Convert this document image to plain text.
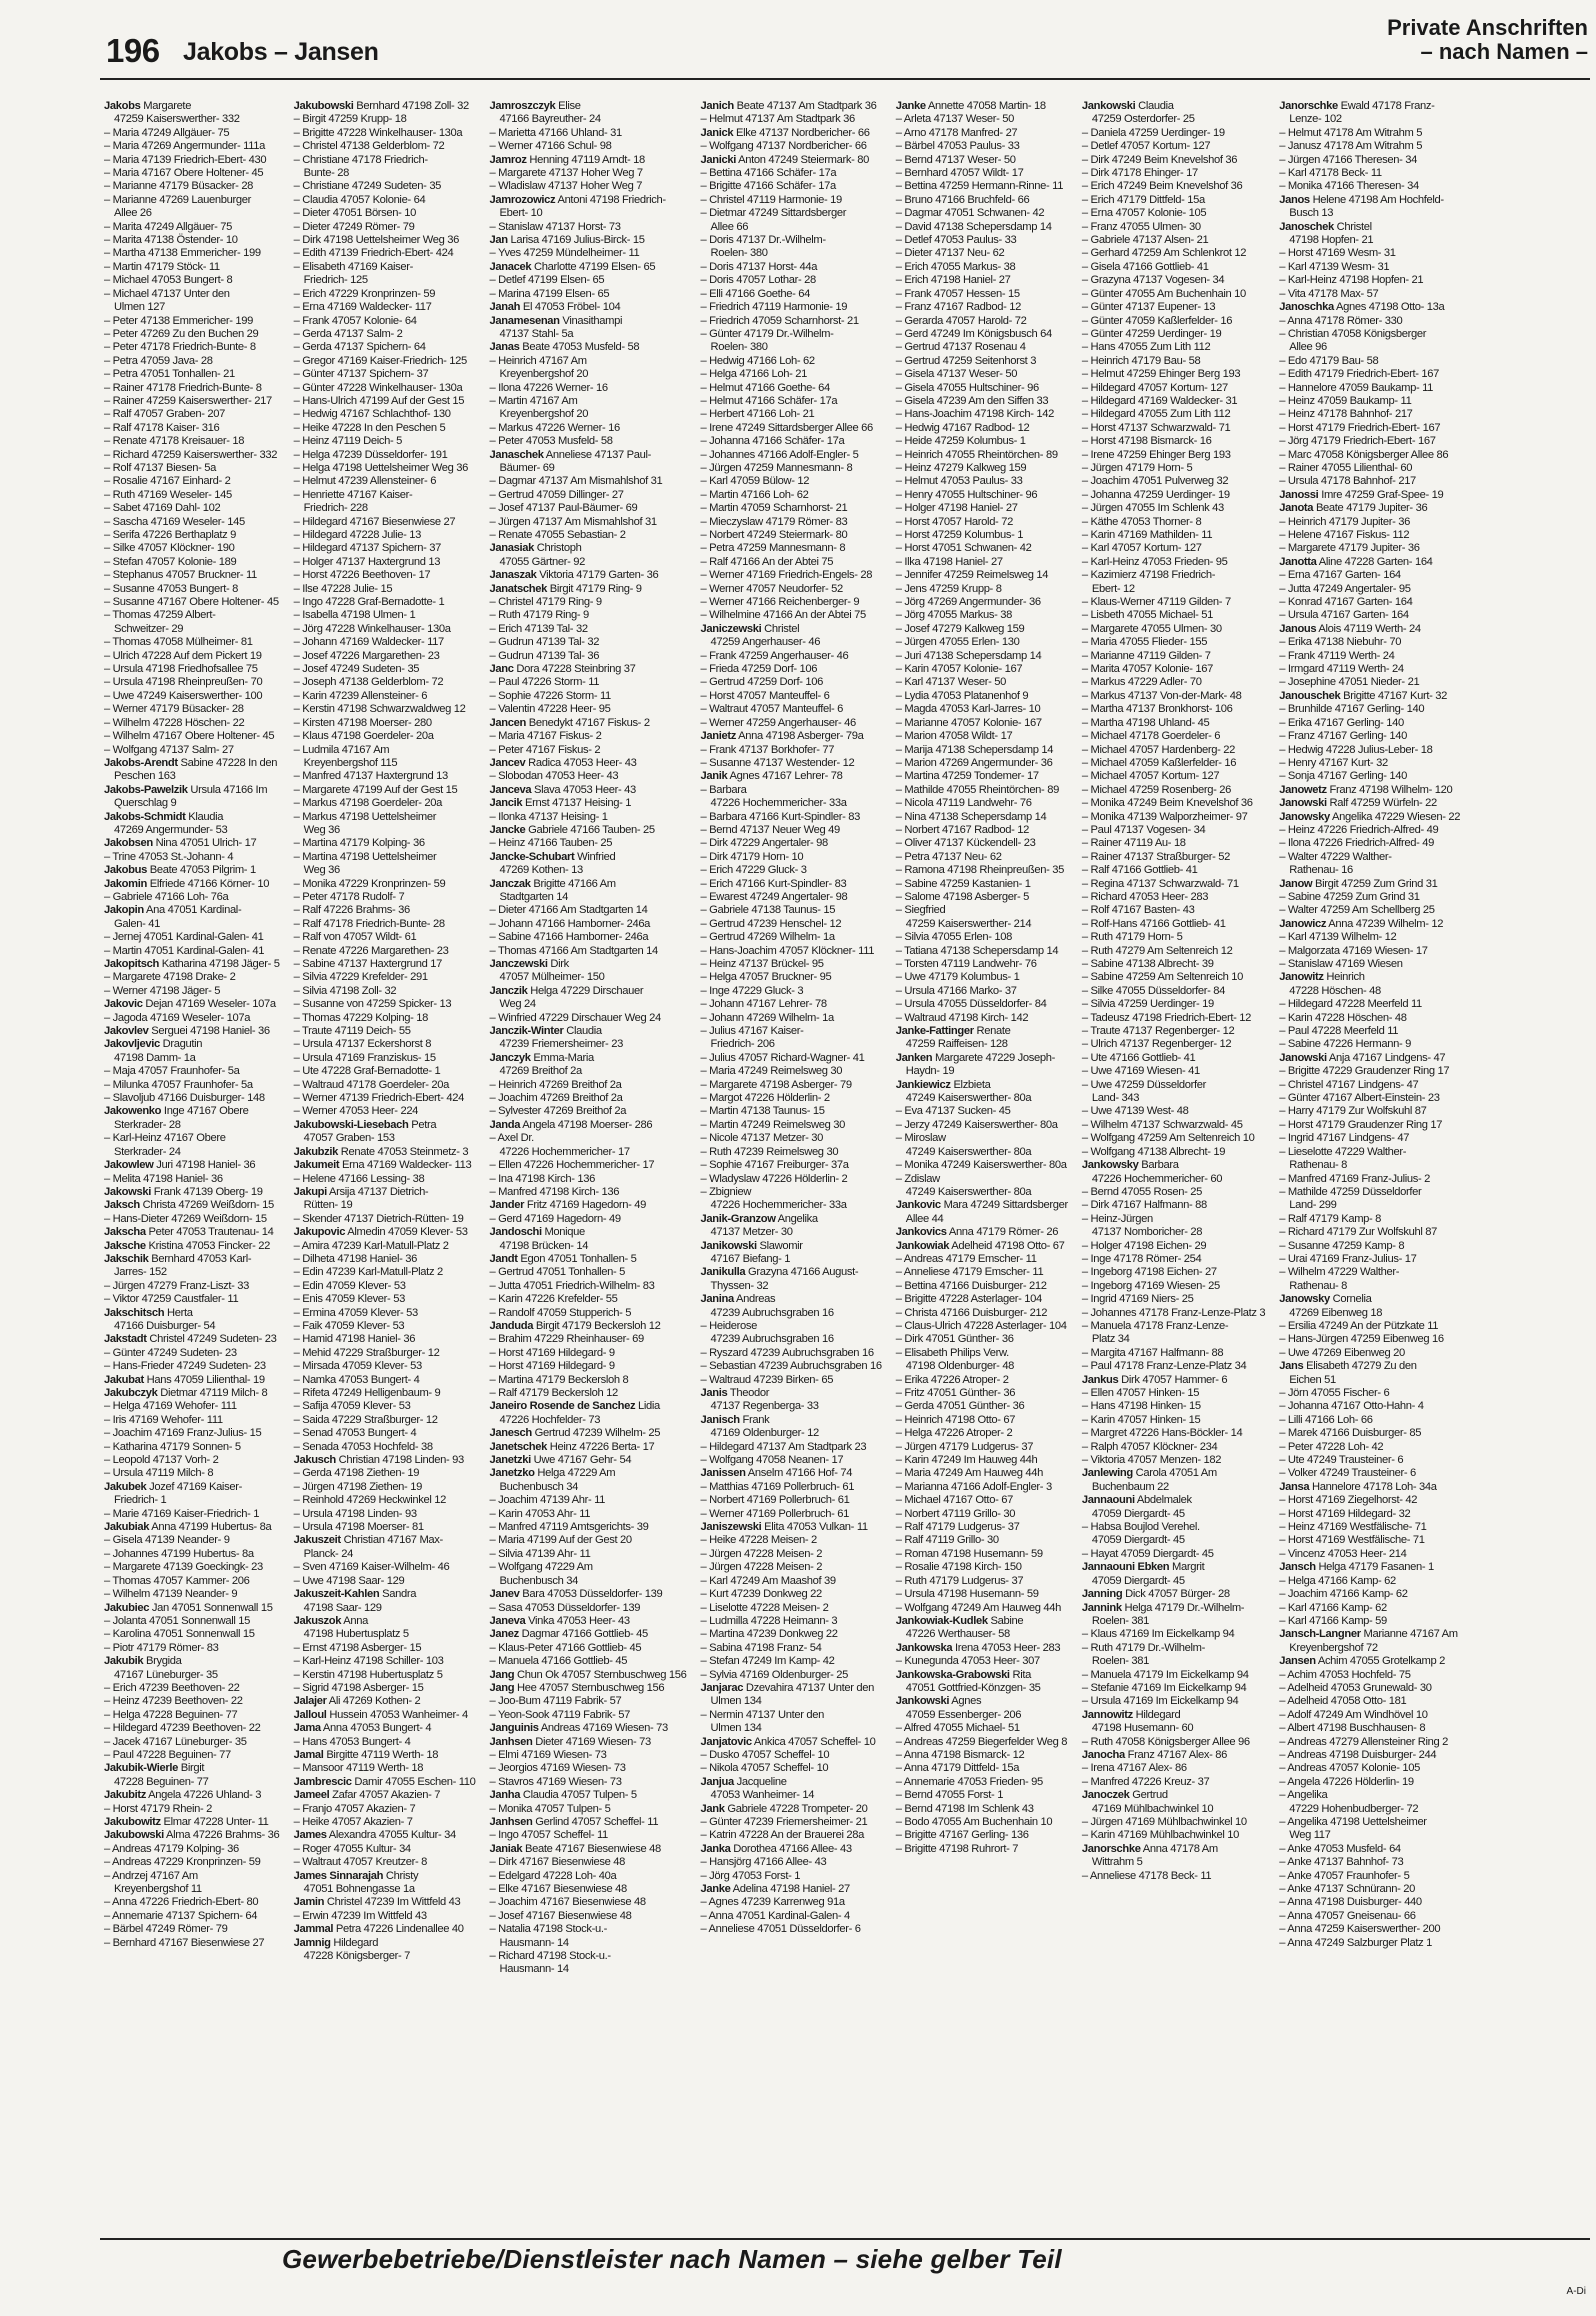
196 Jakobs – Jansen
Private Anschriften
– nach Namen –
Jakobs Margarete
47259 Kaiserswerther- 332
– Maria 47249 Allgäuer- 75
– Maria 47269 Angermunder- 111a
– Maria 47139 Friedrich-Ebert- 430
– Maria 47167 Obere Holtener- 45
– Marianne 47179 Büsacker- 28
– Marianne 47269 Lauenburger
Allee 26
– Marita 47249 Allgäuer- 75
– Marita 47138 Östender- 10
– Martha 47138 Emmericher- 199
– Martin 47179 Stöck- 11
– Michael 47053 Bungert- 8
– Michael 47137 Unter den
Ulmen 127
– Peter 47138 Emmericher- 199
– Peter 47269 Zu den Buchen 29
– Peter 47178 Friedrich-Bunte- 8
– Petra 47059 Java- 28
– Petra 47051 Tonhallen- 21
– Rainer 47178 Friedrich-Bunte- 8
– Rainer 47259 Kaiserswerther- 217
– Ralf 47057 Graben- 207
– Ralf 47178 Kaiser- 316
– Renate 47178 Kreisauer- 18
– Richard 47259 Kaiserswerther- 332
– Rolf 47137 Biesen- 5a
– Rosalie 47167 Einhard- 2
– Ruth 47169 Weseler- 145
– Sabet 47169 Dahl- 102
– Sascha 47169 Weseler- 145
– Serifa 47226 Berthaplatz 9
– Silke 47057 Klöckner- 190
– Stefan 47057 Kolonie- 189
– Stephanus 47057 Bruckner- 11
– Susanne 47053 Bungert- 8
– Susanne 47167 Obere Holtener- 45
– Thomas 47259 Albert-
Schweitzer- 29
– Thomas 47058 Mülheimer- 81
– Ulrich 47228 Auf dem Pickert 19
– Ursula 47198 Friedhofsallee 75
– Ursula 47198 Rheinpreußen- 70
– Uwe 47249 Kaiserswerther- 100
– Werner 47179 Büsacker- 28
– Wilhelm 47228 Höschen- 22
– Wilhelm 47167 Obere Holtener- 45
– Wolfgang 47137 Salm- 27
Jakobs-Arendt Sabine 47228 In den
Peschen 163
Jakobs-Pawelzik Ursula 47166 Im
Querschlag 9
Jakobs-Schmidt Klaudia
47269 Angermunder- 53
Jakobsen Nina 47051 Ulrich- 17
– Trine 47053 St.-Johann- 4
Jakobus Beate 47053 Pilgrim- 1
Jakomin Elfriede 47166 Körner- 10
– Gabriele 47166 Loh- 76a
Jakopin Ana 47051 Kardinal-
Galen- 41
– Jernej 47051 Kardinal-Galen- 41
– Martin 47051 Kardinal-Galen- 41
Jakopitsch Katharina 47198 Jäger- 5
– Margarete 47198 Drake- 2
– Werner 47198 Jäger- 5
Jakovic Dejan 47169 Weseler- 107a
– Jagoda 47169 Weseler- 107a
Jakovlev Serguei 47198 Haniel- 36
Jakovljevic Dragutin
47198 Damm- 1a
– Maja 47057 Fraunhofer- 5a
– Milunka 47057 Fraunhofer- 5a
– Slavoljub 47166 Duisburger- 148
Jakowenko Inge 47167 Obere
Sterkrader- 28
– Karl-Heinz 47167 Obere
Sterkrader- 24
Jakowlew Juri 47198 Haniel- 36
– Melita 47198 Haniel- 36
Jakowski Frank 47139 Oberg- 19
Jaksch Christa 47269 Weißdorn- 15
– Hans-Dieter 47269 Weißdorn- 15
Jakscha Peter 47053 Trautenau- 14
Jaksche Kristina 47053 Fincker- 22
Jakschik Bernhard 47053 Karl-
Jarres- 152
– Jürgen 47279 Franz-Liszt- 33
– Viktor 47259 Caustfaler- 11
Jakschitsch Herta
47166 Duisburger- 54
Jakstadt Christel 47249 Sudeten- 23
– Günter 47249 Sudeten- 23
– Hans-Frieder 47249 Sudeten- 23
Jakubat Hans 47059 Lilienthal- 19
Jakubczyk Dietmar 47119 Milch- 8
– Helga 47169 Wehofer- 111
– Iris 47169 Wehofer- 111
– Joachim 47169 Franz-Julius- 15
– Katharina 47179 Sonnen- 5
– Leopold 47137 Vorh- 2
– Ursula 47119 Milch- 8
Jakubek Jozef 47169 Kaiser-
Friedrich- 1
– Marie 47169 Kaiser-Friedrich- 1
Jakubiak Anna 47199 Hubertus- 8a
– Gisela 47139 Neander- 9
– Johannes 47199 Hubertus- 8a
– Margarete 47139 Goeckingk- 23
– Thomas 47057 Kammer- 206
– Wilhelm 47139 Neander- 9
Jakubiec Jan 47051 Sonnenwall 15
– Jolanta 47051 Sonnenwall 15
– Karolina 47051 Sonnenwall 15
– Piotr 47179 Römer- 83
Jakubik Brygida
47167 Lüneburger- 35
– Erich 47239 Beethoven- 22
– Heinz 47239 Beethoven- 22
– Helga 47228 Beguinen- 77
– Hildegard 47239 Beethoven- 22
– Jacek 47167 Lüneburger- 35
– Paul 47228 Beguinen- 77
Jakubik-Wierle Birgit
47228 Beguinen- 77
Jakubitz Angela 47226 Uhland- 3
– Horst 47179 Rhein- 2
Jakubowitz Elmar 47228 Unter- 11
Jakubowski Alma 47226 Brahms- 36
– Andreas 47179 Kolping- 36
– Andreas 47229 Kronprinzen- 59
– Andrzej 47167 Am
Kreyenbergshof 11
– Anna 47226 Friedrich-Ebert- 80
– Annemarie 47137 Spichern- 64
– Bärbel 47249 Römer- 79
– Bernhard 47167 Biesenwiese 27
Jakubowski Bernhard 47198 Zoll- 32
– Birgit 47259 Krupp- 18
– Brigitte 47228 Winkelhauser- 130a
– Christel 47138 Gelderblom- 72
– Christiane 47178 Friedrich-
Bunte- 28
– Christiane 47249 Sudeten- 35
– Claudia 47057 Kolonie- 64
– Dieter 47051 Börsen- 10
– Dieter 47249 Römer- 79
– Dirk 47198 Uettelsheimer Weg 36
– Edith 47139 Friedrich-Ebert- 424
– Elisabeth 47169 Kaiser-
Friedrich- 125
– Erich 47229 Kronprinzen- 59
– Erna 47169 Waldecker- 117
– Frank 47057 Kolonie- 64
– Gerda 47137 Salm- 2
– Gerda 47137 Spichern- 64
– Gregor 47169 Kaiser-Friedrich- 125
– Günter 47137 Spichern- 37
– Günter 47228 Winkelhauser- 130a
– Hans-Ulrich 47199 Auf der Gest 15
– Hedwig 47167 Schlachthof- 130
– Heike 47228 In den Peschen 5
– Heinz 47119 Deich- 5
– Helga 47239 Düsseldorfer- 191
– Helga 47198 Uettelsheimer Weg 36
– Helmut 47239 Allensteiner- 6
– Henriette 47167 Kaiser-
Friedrich- 228
– Hildegard 47167 Biesenwiese 27
– Hildegard 47228 Julie- 13
– Hildegard 47137 Spichern- 37
– Holger 47137 Haxtergrund 13
– Horst 47226 Beethoven- 17
– Ilse 47228 Julie- 15
– Ingo 47228 Graf-Bernadotte- 1
– Isabella 47198 Ulmen- 1
– Jörg 47228 Winkelhauser- 130a
– Johann 47169 Waldecker- 117
– Josef 47226 Margarethen- 23
– Josef 47249 Sudeten- 35
– Joseph 47138 Gelderblom- 72
– Karin 47239 Allensteiner- 6
– Kerstin 47198 Schwarzwaldweg 12
– Kirsten 47198 Moerser- 280
– Klaus 47198 Goerdeler- 20a
– Ludmila 47167 Am
Kreyenbergshof 115
– Manfred 47137 Haxtergrund 13
– Margarete 47199 Auf der Gest 15
– Markus 47198 Goerdeler- 20a
– Markus 47198 Uettelsheimer
Weg 36
– Martina 47179 Kolping- 36
– Martina 47198 Uettelsheimer
Weg 36
– Monika 47229 Kronprinzen- 59
– Peter 47178 Rudolf- 7
– Ralf 47226 Brahms- 36
– Ralf 47178 Friedrich-Bunte- 28
– Ralf von 47057 Wildt- 61
– Renate 47226 Margarethen- 23
– Sabine 47137 Haxtergrund 17
– Silvia 47229 Krefelder- 291
– Silvia 47198 Zoll- 32
– Susanne von 47259 Spicker- 13
– Thomas 47229 Kolping- 18
– Traute 47119 Deich- 55
– Ursula 47137 Eckershorst 8
– Ursula 47169 Franziskus- 15
– Ute 47228 Graf-Bernadotte- 1
– Waltraud 47178 Goerdeler- 20a
– Werner 47139 Friedrich-Ebert- 424
– Werner 47053 Heer- 224
Jakubowski-Liesebach Petra
47057 Graben- 153
Jakubzik Renate 47053 Steinmetz- 3
Jakumeit Erna 47169 Waldecker- 113
– Helene 47166 Lessing- 38
Jakupi Arsija 47137 Dietrich-
Rütten- 19
– Skender 47137 Dietrich-Rütten- 19
Jakupovic Almedin 47059 Klever- 53
– Amira 47239 Karl-Matull-Platz 2
– Dilheta 47198 Haniel- 36
– Edin 47239 Karl-Matull-Platz 2
– Edin 47059 Klever- 53
– Enis 47059 Klever- 53
– Ermina 47059 Klever- 53
– Faik 47059 Klever- 53
– Hamid 47198 Haniel- 36
– Mehid 47229 Straßburger- 12
– Mirsada 47059 Klever- 53
– Namka 47053 Bungert- 4
– Rifeta 47249 Helligenbaum- 9
– Safija 47059 Klever- 53
– Saida 47229 Straßburger- 12
– Senad 47053 Bungert- 4
– Senada 47053 Hochfeld- 38
Jakusch Christian 47198 Linden- 93
– Gerda 47198 Ziethen- 19
– Jürgen 47198 Ziethen- 19
– Reinhold 47269 Heckwinkel 12
– Ursula 47198 Linden- 93
– Ursula 47198 Moerser- 81
Jakuszeit Christian 47167 Max-
Planck- 24
– Sven 47169 Kaiser-Wilhelm- 46
– Uwe 47198 Saar- 129
Jakuszeit-Kahlen Sandra
47198 Saar- 129
Jakuszok Anna
47198 Hubertusplatz 5
– Ernst 47198 Asberger- 15
– Karl-Heinz 47198 Schiller- 103
– Kerstin 47198 Hubertusplatz 5
– Sigrid 47198 Asberger- 15
Jalajer Ali 47269 Kothen- 2
Jalloul Hussein 47053 Wanheimer- 4
Jama Anna 47053 Bungert- 4
– Hans 47053 Bungert- 4
Jamal Birgitte 47119 Werth- 18
– Mansoor 47119 Werth- 18
Jambrescic Damir 47055 Eschen- 110
Jameel Zafar 47057 Akazien- 7
– Franjo 47057 Akazien- 7
– Heike 47057 Akazien- 7
James Alexandra 47055 Kultur- 34
– Roger 47055 Kultur- 34
– Waltraut 47057 Kreutzer- 8
James Sinnarajah Christy
47051 Bohnengasse 1a
Jamin Christel 47239 Im Wittfeld 43
– Erwin 47239 Im Wittfeld 43
Jammal Petra 47226 Lindenallee 40
Jamnig Hildegard
47228 Königsberger- 7
Jamroszczyk Elise
47166 Bayreuther- 24
– Marietta 47166 Uhland- 31
– Werner 47166 Schul- 98
Jamroz Henning 47119 Arndt- 18
– Margarete 47137 Hoher Weg 7
– Wladislaw 47137 Hoher Weg 7
Jamrozowicz Antoni 47198 Friedrich-
Ebert- 10
– Stanislaw 47137 Horst- 73
Jan Larisa 47169 Julius-Birck- 15
– Yves 47259 Mündelheimer- 11
Janacek Charlotte 47199 Elsen- 65
– Detlef 47199 Elsen- 65
– Marina 47199 Elsen- 65
Janah El 47053 Fröbel- 104
Janamesenan Vinasithampi
47137 Stahl- 5a
Janas Beate 47053 Musfeld- 58
– Heinrich 47167 Am
Kreyenbergshof 20
– Ilona 47226 Werner- 16
– Martin 47167 Am
Kreyenbergshof 20
– Markus 47226 Werner- 16
– Peter 47053 Musfeld- 58
Janaschek Anneliese 47137 Paul-
Bäumer- 69
– Dagmar 47137 Am Mismahlshof 31
– Gertrud 47059 Dillinger- 27
– Josef 47137 Paul-Bäumer- 69
– Jürgen 47137 Am Mismahlshof 31
– Renate 47055 Sebastian- 2
Janasiak Christoph
47055 Gärtner- 92
Janaszak Viktoria 47179 Garten- 36
Janatschek Birgit 47179 Ring- 9
– Christel 47179 Ring- 9
– Ruth 47179 Ring- 9
– Erich 47139 Tal- 32
– Gudrun 47139 Tal- 32
– Gudrun 47139 Tal- 36
Janc Dora 47228 Steinbring 37
– Paul 47226 Storm- 11
– Sophie 47226 Storm- 11
– Valentin 47228 Heer- 95
Jancen Benedykt 47167 Fiskus- 2
– Maria 47167 Fiskus- 2
– Peter 47167 Fiskus- 2
Jancev Radica 47053 Heer- 43
– Slobodan 47053 Heer- 43
Janceva Slava 47053 Heer- 43
Jancik Ernst 47137 Heising- 1
– Ilonka 47137 Heising- 1
Jancke Gabriele 47166 Tauben- 25
– Heinz 47166 Tauben- 25
Jancke-Schubart Winfried
47269 Kothen- 13
Janczak Brigitte 47166 Am
Stadtgarten 14
– Dieter 47166 Am Stadtgarten 14
– Johann 47166 Hamborner- 246a
– Sabine 47166 Hamborner- 246a
– Thomas 47166 Am Stadtgarten 14
Janczewski Dirk
47057 Mülheimer- 150
Janczik Helga 47229 Dirschauer
Weg 24
– Winfried 47229 Dirschauer Weg 24
Janczik-Winter Claudia
47239 Friemersheimer- 23
Janczyk Emma-Maria
47269 Breithof 2a
– Heinrich 47269 Breithof 2a
– Joachim 47269 Breithof 2a
– Sylvester 47269 Breithof 2a
Janda Angela 47198 Moerser- 286
– Axel Dr.
47226 Hochemmericher- 17
– Ellen 47226 Hochemmericher- 17
– Ina 47198 Kirch- 136
– Manfred 47198 Kirch- 136
Jander Fritz 47169 Hagedorn- 49
– Gerd 47169 Hagedorn- 49
Jandoschi Monique
47198 Brücken- 14
Jandt Egon 47051 Tonhallen- 5
– Gertrud 47051 Tonhallen- 5
– Jutta 47051 Friedrich-Wilhelm- 83
– Karin 47226 Krefelder- 55
– Randolf 47059 Stupperich- 5
Janduda Birgit 47179 Beckersloh 12
– Brahim 47229 Rheinhauser- 69
– Horst 47169 Hildegard- 9
– Horst 47169 Hildegard- 9
– Martina 47179 Beckersloh 8
– Ralf 47179 Beckersloh 12
Janeiro Rosende de Sanchez Lidia
47226 Hochfelder- 73
Janesch Gertrud 47239 Wilhelm- 25
Janetschek Heinz 47226 Berta- 17
Janetzki Uwe 47167 Gehr- 54
Janetzko Helga 47229 Am
Buchenbusch 34
– Joachim 47139 Ahr- 11
– Karin 47053 Ahr- 11
– Manfred 47119 Amtsgerichts- 39
– Maria 47199 Auf der Gest 20
– Silvia 47139 Ahr- 11
– Wolfgang 47229 Am
Buchenbusch 34
Janev Bara 47053 Düsseldorfer- 139
– Sasa 47053 Düsseldorfer- 139
Janeva Vinka 47053 Heer- 43
Janez Dagmar 47166 Gottlieb- 45
– Klaus-Peter 47166 Gottlieb- 45
– Manuela 47166 Gottlieb- 45
Jang Chun Ok 47057 Sternbuschweg 156
Jang Hee 47057 Sternbuschweg 156
– Joo-Bum 47119 Fabrik- 57
– Yeon-Sook 47119 Fabrik- 57
Janguinis Andreas 47169 Wiesen- 73
Janhsen Dieter 47169 Wiesen- 73
– Elmi 47169 Wiesen- 73
– Jeorgios 47169 Wiesen- 73
– Stavros 47169 Wiesen- 73
Janha Claudia 47057 Tulpen- 5
– Monika 47057 Tulpen- 5
Janhsen Gerlind 47057 Scheffel- 11
– Ingo 47057 Scheffel- 11
Janiak Beate 47167 Biesenwiese 48
– Dirk 47167 Biesenwiese 48
– Edelgard 47228 Loh- 40a
– Elke 47167 Biesenwiese 48
– Joachim 47167 Biesenwiese 48
– Josef 47167 Biesenwiese 48
– Natalia 47198 Stock-u.-
Hausmann- 14
– Richard 47198 Stock-u.-
Hausmann- 14
Janich Beate 47137 Am Stadtpark 36
– Helmut 47137 Am Stadtpark 36
Janick Elke 47137 Nordbericher- 66
– Wolfgang 47137 Nordbericher- 66
Janicki Anton 47249 Steiermark- 80
– Bettina 47166 Schäfer- 17a
– Brigitte 47166 Schäfer- 17a
– Christel 47119 Harmonie- 19
– Dietmar 47249 Sittardsberger
Allee 66
– Doris 47137 Dr.-Wilhelm-
Roelen- 380
– Doris 47137 Horst- 44a
– Doris 47057 Lothar- 28
– Elli 47166 Goethe- 64
– Friedrich 47119 Harmonie- 19
– Friedrich 47059 Scharnhorst- 21
– Günter 47179 Dr.-Wilhelm-
Roelen- 380
– Hedwig 47166 Loh- 62
– Helga 47166 Loh- 21
– Helmut 47166 Goethe- 64
– Helmut 47166 Schäfer- 17a
– Herbert 47166 Loh- 21
– Irene 47249 Sittardsberger Allee 66
– Johanna 47166 Schäfer- 17a
– Johannes 47166 Adolf-Engler- 5
– Jürgen 47259 Mannesmann- 8
– Karl 47059 Bülow- 12
– Martin 47166 Loh- 62
– Martin 47059 Scharnhorst- 21
– Mieczyslaw 47179 Römer- 83
– Norbert 47249 Steiermark- 80
– Petra 47259 Mannesmann- 8
– Ralf 47166 An der Abtei 75
– Werner 47169 Friedrich-Engels- 28
– Werner 47057 Neudorfer- 52
– Werner 47166 Reichenberger- 9
– Wilhelmine 47166 An der Abtei 75
Janiczewski Christel
47259 Angerhauser- 46
– Frank 47259 Angerhauser- 46
– Frieda 47259 Dorf- 106
– Gertrud 47259 Dorf- 106
– Horst 47057 Manteuffel- 6
– Waltraut 47057 Manteuffel- 6
– Werner 47259 Angerhauser- 46
Janietz Anna 47198 Asberger- 79a
– Frank 47137 Borkhofer- 77
– Susanne 47137 Westender- 12
Janik Agnes 47167 Lehrer- 78
– Barbara
47226 Hochemmericher- 33a
– Barbara 47166 Kurt-Spindler- 83
– Bernd 47137 Neuer Weg 49
– Dirk 47229 Angertaler- 98
– Dirk 47179 Horn- 10
– Erich 47229 Gluck- 3
– Erich 47166 Kurt-Spindler- 83
– Ewarest 47249 Angertaler- 98
– Gabriele 47138 Taunus- 15
– Gertrud 47239 Henschel- 12
– Gertrud 47269 Wilhelm- 1a
– Hans-Joachim 47057 Klöckner- 111
– Heinz 47137 Brückel- 95
– Helga 47057 Bruckner- 95
– Inge 47229 Gluck- 3
– Johann 47167 Lehrer- 78
– Johann 47269 Wilhelm- 1a
– Julius 47167 Kaiser-
Friedrich- 206
– Julius 47057 Richard-Wagner- 41
– Maria 47249 Reimelsweg 30
– Margarete 47198 Asberger- 79
– Margot 47226 Hölderlin- 2
– Martin 47138 Taunus- 15
– Martin 47249 Reimelsweg 30
– Nicole 47137 Metzer- 30
– Ruth 47239 Reimelsweg 30
– Sophie 47167 Freiburger- 37a
– Wladyslaw 47226 Hölderlin- 2
– Zbigniew
47226 Hochemmericher- 33a
Janik-Granzow Angelika
47137 Metzer- 30
Janikowski Slawomir
47167 Biefang- 1
Janikulla Grazyna 47166 August-
Thyssen- 32
Janina Andreas
47239 Aubruchsgraben 16
– Heiderose
47239 Aubruchsgraben 16
– Ryszard 47239 Aubruchsgraben 16
– Sebastian 47239 Aubruchsgraben 16
– Waltraud 47239 Birken- 65
Janis Theodor
47137 Regenberga- 33
Janisch Frank
47169 Oldenburger- 12
– Hildegard 47137 Am Stadtpark 23
– Wolfgang 47058 Neanen- 17
Janissen Anselm 47166 Hof- 74
– Matthias 47169 Pollerbruch- 61
– Norbert 47169 Pollerbruch- 61
– Werner 47169 Pollerbruch- 61
Janiszewski Elita 47053 Vulkan- 11
– Heike 47228 Meisen- 2
– Jürgen 47228 Meisen- 2
– Jürgen 47228 Meisen- 2
– Karl 47249 Am Maashof 39
– Kurt 47239 Donkweg 22
– Liselotte 47228 Meisen- 2
– Ludmilla 47228 Heimann- 3
– Martina 47239 Donkweg 22
– Sabina 47198 Franz- 54
– Stefan 47249 Im Kamp- 42
– Sylvia 47169 Oldenburger- 25
Janjarac Dzevahira 47137 Unter den
Ulmen 134
– Nermin 47137 Unter den
Ulmen 134
Janjatovic Ankica 47057 Scheffel- 10
– Dusko 47057 Scheffel- 10
– Nikola 47057 Scheffel- 10
Janjua Jacqueline
47053 Wanheimer- 14
Jank Gabriele 47228 Trompeter- 20
– Günter 47239 Friemersheimer- 21
– Katrin 47228 An der Brauerei 28a
Janka Dorothea 47166 Allee- 43
– Hansjörg 47166 Allee- 43
– Jörg 47053 Forst- 1
Janke Adelina 47198 Haniel- 27
– Agnes 47239 Karrenweg 91a
– Anna 47051 Kardinal-Galen- 4
– Anneliese 47051 Düsseldorfer- 6
Janke Annette 47058 Martin- 18
– Arleta 47137 Weser- 50
– Arno 47178 Manfred- 27
– Bärbel 47053 Paulus- 33
– Bernd 47137 Weser- 50
– Bernhard 47057 Wildt- 17
– Bettina 47259 Hermann-Rinne- 11
– Bruno 47166 Bruchfeld- 66
– Dagmar 47051 Schwanen- 42
– David 47138 Schepersdamp 14
– Detlef 47053 Paulus- 33
– Dieter 47137 Neu- 62
– Erich 47055 Markus- 38
– Erich 47198 Haniel- 27
– Frank 47057 Hessen- 15
– Franz 47167 Radbod- 12
– Gerarda 47057 Harold- 72
– Gerd 47249 Im Königsbusch 64
– Gertrud 47137 Rosenau 4
– Gertrud 47259 Seitenhorst 3
– Gisela 47137 Weser- 50
– Gisela 47055 Hultschiner- 96
– Gisela 47239 Am den Siffen 33
– Hans-Joachim 47198 Kirch- 142
– Hedwig 47167 Radbod- 12
– Heide 47259 Kolumbus- 1
– Heinrich 47055 Rheintörchen- 89
– Heinz 47279 Kalkweg 159
– Helmut 47053 Paulus- 33
– Henry 47055 Hultschiner- 96
– Holger 47198 Haniel- 27
– Horst 47057 Harold- 72
– Horst 47259 Kolumbus- 1
– Horst 47051 Schwanen- 42
– Ilka 47198 Haniel- 27
– Jennifer 47259 Reimelsweg 14
– Jens 47259 Krupp- 8
– Jörg 47269 Angermunder- 36
– Jörg 47055 Markus- 38
– Josef 47279 Kalkweg 159
– Jürgen 47055 Erlen- 130
– Juri 47138 Schepersdamp 14
– Karin 47057 Kolonie- 167
– Karl 47137 Weser- 50
– Lydia 47053 Platanenhof 9
– Magda 47053 Karl-Jarres- 10
– Marianne 47057 Kolonie- 167
– Marion 47058 Wildt- 17
– Marija 47138 Schepersdamp 14
– Marion 47269 Angermunder- 36
– Martina 47259 Tondemer- 17
– Mathilde 47055 Rheintörchen- 89
– Nicola 47119 Landwehr- 76
– Nina 47138 Schepersdamp 14
– Norbert 47167 Radbod- 12
– Oliver 47137 Kückendell- 23
– Petra 47137 Neu- 62
– Ramona 47198 Rheinpreußen- 35
– Sabine 47259 Kastanien- 1
– Salome 47198 Asberger- 5
– Siegfried
47259 Kaiserswerther- 214
– Silvia 47055 Erlen- 108
– Tatiana 47138 Schepersdamp 14
– Torsten 47119 Landwehr- 76
– Uwe 47179 Kolumbus- 1
– Ursula 47166 Marko- 37
– Ursula 47055 Düsseldorfer- 84
– Waltraud 47198 Kirch- 142
Janke-Fattinger Renate
47259 Raiffeisen- 128
Janken Margarete 47229 Joseph-
Haydn- 19
Jankiewicz Elzbieta
47249 Kaiserswerther- 80a
– Eva 47137 Sucken- 45
– Jerzy 47249 Kaiserswerther- 80a
– Miroslaw
47249 Kaiserswerther- 80a
– Monika 47249 Kaiserswerther- 80a
– Zdislaw
47249 Kaiserswerther- 80a
Jankovic Mara 47249 Sittardsberger
Allee 44
Jankovics Anna 47179 Römer- 26
Jankowiak Adelheid 47198 Otto- 67
– Andreas 47179 Emscher- 11
– Anneliese 47179 Emscher- 11
– Bettina 47166 Duisburger- 212
– Brigitte 47228 Asterlager- 104
– Christa 47166 Duisburger- 212
– Claus-Ulrich 47228 Asterlager- 104
– Dirk 47051 Günther- 36
– Elisabeth Philips Verw.
47198 Oldenburger- 48
– Erika 47226 Atroper- 2
– Fritz 47051 Günther- 36
– Gerda 47051 Günther- 36
– Heinrich 47198 Otto- 67
– Helga 47226 Atroper- 2
– Jürgen 47179 Ludgerus- 37
– Karin 47249 Im Hauweg 44h
– Maria 47249 Am Hauweg 44h
– Marianna 47166 Adolf-Engler- 3
– Michael 47167 Otto- 67
– Norbert 47119 Grillo- 30
– Ralf 47179 Ludgerus- 37
– Ralf 47119 Grillo- 30
– Roman 47198 Husemann- 59
– Rosalie 47198 Kirch- 150
– Ruth 47179 Ludgerus- 37
– Ursula 47198 Husemann- 59
– Wolfgang 47249 Am Hauweg 44h
Jankowiak-Kudlek Sabine
47226 Werthauser- 58
Jankowska Irena 47053 Heer- 283
– Kunegunda 47053 Heer- 307
Jankowska-Grabowski Rita
47051 Gottfried-Könzgen- 35
Jankowski Agnes
47059 Essenberger- 206
– Alfred 47055 Michael- 51
– Andreas 47259 Biegerfelder Weg 8
– Anna 47198 Bismarck- 12
– Anna 47179 Dittfeld- 15a
– Annemarie 47053 Frieden- 95
– Bernd 47055 Forst- 1
– Bernd 47198 Im Schlenk 43
– Bodo 47055 Am Buchenhain 10
– Brigitte 47167 Gerling- 136
– Brigitte 47198 Ruhrort- 7
Jankowski Claudia
47259 Osterdorfer- 25
– Daniela 47259 Uerdinger- 19
– Detlef 47057 Kortum- 127
– Dirk 47249 Beim Knevelshof 36
– Dirk 47178 Ehinger- 17
– Erich 47249 Beim Knevelshof 36
– Erich 47179 Dittfeld- 15a
– Erna 47057 Kolonie- 105
– Franz 47055 Ulmen- 30
– Gabriele 47137 Alsen- 21
– Gerhard 47259 Am Schlenkrot 12
– Gisela 47166 Gottlieb- 41
– Grazyna 47137 Vogesen- 34
– Günter 47055 Am Buchenhain 10
– Günter 47137 Eupener- 13
– Günter 47059 Kaßlerfelder- 16
– Günter 47259 Uerdinger- 19
– Hans 47055 Zum Lith 112
– Heinrich 47179 Bau- 58
– Helmut 47259 Ehinger Berg 193
– Hildegard 47057 Kortum- 127
– Hildegard 47169 Waldecker- 31
– Hildegard 47055 Zum Lith 112
– Horst 47137 Schwarzwald- 71
– Horst 47198 Bismarck- 16
– Irene 47259 Ehinger Berg 193
– Jürgen 47179 Horn- 5
– Joachim 47051 Pulverweg 32
– Johanna 47259 Uerdinger- 19
– Jürgen 47055 Im Schlenk 43
– Käthe 47053 Thorner- 8
– Karin 47169 Mathilden- 11
– Karl 47057 Kortum- 127
– Karl-Heinz 47053 Frieden- 95
– Kazimierz 47198 Friedrich-
Ebert- 12
– Klaus-Werner 47119 Gilden- 7
– Lisbeth 47055 Michael- 51
– Margarete 47055 Ulmen- 30
– Maria 47055 Flieder- 155
– Marianne 47119 Gilden- 7
– Marita 47057 Kolonie- 167
– Markus 47229 Adler- 70
– Markus 47137 Von-der-Mark- 48
– Martha 47137 Bronkhorst- 106
– Martha 47198 Uhland- 45
– Michael 47178 Goerdeler- 6
– Michael 47057 Hardenberg- 22
– Michael 47059 Kaßlerfelder- 16
– Michael 47057 Kortum- 127
– Michael 47259 Rosenberg- 26
– Monika 47249 Beim Knevelshof 36
– Monika 47139 Walporzheimer- 97
– Paul 47137 Vogesen- 34
– Rainer 47119 Au- 18
– Rainer 47137 Straßburger- 52
– Ralf 47166 Gottlieb- 41
– Regina 47137 Schwarzwald- 71
– Richard 47053 Heer- 283
– Rolf 47167 Basten- 43
– Rolf-Hans 47166 Gottlieb- 41
– Ruth 47179 Horn- 5
– Ruth 47279 Am Seltenreich 12
– Sabine 47138 Albrecht- 39
– Sabine 47259 Am Seltenreich 10
– Silke 47055 Düsseldorfer- 84
– Silvia 47259 Uerdinger- 19
– Tadeusz 47198 Friedrich-Ebert- 12
– Traute 47137 Regenberger- 12
– Ulrich 47137 Regenberger- 12
– Ute 47166 Gottlieb- 41
– Uwe 47169 Wiesen- 41
– Uwe 47259 Düsseldorfer
Land- 343
– Uwe 47139 West- 48
– Wilhelm 47137 Schwarzwald- 45
– Wolfgang 47259 Am Seltenreich 10
– Wolfgang 47138 Albrecht- 19
Jankowsky Barbara
47226 Hochemmericher- 60
– Bernd 47055 Rosen- 25
– Dirk 47167 Halfmann- 88
– Heinz-Jürgen
47137 Nomboricher- 28
– Holger 47198 Eichen- 29
– Inge 47178 Römer- 254
– Ingeborg 47198 Eichen- 27
– Ingeborg 47169 Wiesen- 25
– Ingrid 47169 Niers- 25
– Johannes 47178 Franz-Lenze-Platz 3
– Manuela 47178 Franz-Lenze-
Platz 34
– Margita 47167 Halfmann- 88
– Paul 47178 Franz-Lenze-Platz 34
Jankus Dirk 47057 Hammer- 6
– Ellen 47057 Hinken- 15
– Hans 47198 Hinken- 15
– Karin 47057 Hinken- 15
– Margret 47226 Hans-Böckler- 14
– Ralph 47057 Klöckner- 234
– Viktoria 47057 Menzen- 182
Janlewing Carola 47051 Am
Buchenbaum 22
Jannaouni Abdelmalek
47059 Diergardt- 45
– Habsa Boujlod Verehel.
47059 Diergardt- 45
– Hayat 47059 Diergardt- 45
Jannaouni Ebken Margrit
47059 Diergardt- 45
Janning Dick 47057 Bürger- 28
Jannink Helga 47179 Dr.-Wilhelm-
Roelen- 381
– Klaus 47169 Im Eickelkamp 94
– Ruth 47179 Dr.-Wilhelm-
Roelen- 381
– Manuela 47179 Im Eickelkamp 94
– Stefanie 47169 Im Eickelkamp 94
– Ursula 47169 Im Eickelkamp 94
Jannowitz Hildegard
47198 Husemann- 60
– Ruth 47058 Königsberger Allee 96
Janocha Franz 47167 Alex- 86
– Irena 47167 Alex- 86
– Manfred 47226 Kreuz- 37
Janoczek Gertrud
47169 Mühlbachwinkel 10
– Jürgen 47169 Mühlbachwinkel 10
– Karin 47169 Mühlbachwinkel 10
Janorschke Anna 47178 Am
Wittrahm 5
– Anneliese 47178 Beck- 11
Janorschke Ewald 47178 Franz-
Lenze- 102
– Helmut 47178 Am Witrahm 5
– Janusz 47178 Am Witrahm 5
– Jürgen 47166 Theresen- 34
– Karl 47178 Beck- 11
– Monika 47166 Theresen- 34
Janos Helene 47198 Am Hochfeld-
Busch 13
Janoschek Christel
47198 Hopfen- 21
– Horst 47169 Wesm- 31
– Karl 47139 Wesm- 31
– Karl-Heinz 47198 Hopfen- 21
– Vita 47178 Max- 57
Janoschka Agnes 47198 Otto- 13a
– Anna 47178 Römer- 330
– Christian 47058 Königsberger
Allee 96
– Edo 47179 Bau- 58
– Edith 47179 Friedrich-Ebert- 167
– Hannelore 47059 Baukamp- 11
– Heinz 47059 Baukamp- 11
– Heinz 47178 Bahnhof- 217
– Horst 47179 Friedrich-Ebert- 167
– Jörg 47179 Friedrich-Ebert- 167
– Marc 47058 Königsberger Allee 86
– Rainer 47055 Lilienthal- 60
– Ursula 47178 Bahnhof- 217
Janossi Imre 47259 Graf-Spee- 19
Janota Beate 47179 Jupiter- 36
– Heinrich 47179 Jupiter- 36
– Helene 47167 Fiskus- 112
– Margarete 47179 Jupiter- 36
Janotta Aline 47228 Garten- 164
– Erna 47167 Garten- 164
– Jutta 47249 Angertaler- 95
– Konrad 47167 Garten- 164
– Ursula 47167 Garten- 164
Janous Alois 47119 Werth- 24
– Erika 47138 Niebuhr- 70
– Frank 47119 Werth- 24
– Irmgard 47119 Werth- 24
– Josephine 47051 Nieder- 21
Janouschek Brigitte 47167 Kurt- 32
– Brunhilde 47167 Gerling- 140
– Erika 47167 Gerling- 140
– Franz 47167 Gerling- 140
– Hedwig 47228 Julius-Leber- 18
– Henry 47167 Kurt- 32
– Sonja 47167 Gerling- 140
Janowetz Franz 47198 Wilhelm- 120
Janowski Ralf 47259 Würfeln- 22
Janowsky Angelika 47229 Wiesen- 22
– Heinz 47226 Friedrich-Alfred- 49
– Ilona 47226 Friedrich-Alfred- 49
– Walter 47229 Walther-
Rathenau- 16
Janow Birgit 47259 Zum Grind 31
– Sabine 47259 Zum Grind 31
– Walter 47259 Am Schellberg 25
Janowicz Anna 47239 Wilhelm- 12
– Karl 47139 Wilhelm- 12
– Malgorzata 47169 Wiesen- 17
– Stanislaw 47169 Wiesen
Janowitz Heinrich
47228 Höschen- 48
– Hildegard 47228 Meerfeld 11
– Karin 47228 Höschen- 48
– Paul 47228 Meerfeld 11
– Sabine 47226 Hermann- 9
Janowski Anja 47167 Lindgens- 47
– Brigitte 47229 Graudenzer Ring 17
– Christel 47167 Lindgens- 47
– Günter 47167 Albert-Einstein- 23
– Harry 47179 Zur Wolfskuhl 87
– Horst 47179 Graudenzer Ring 17
– Ingrid 47167 Lindgens- 47
– Lieselotte 47229 Walther-
Rathenau- 8
– Manfred 47169 Franz-Julius- 2
– Mathilde 47259 Düsseldorfer
Land- 299
– Ralf 47179 Kamp- 8
– Richard 47179 Zur Wolfskuhl 87
– Susanne 47259 Kamp- 8
– Urai 47169 Franz-Julius- 17
– Wilhelm 47229 Walther-
Rathenau- 8
Janowsky Cornelia
47269 Eibenweg 18
– Ersilia 47249 An der Pützkate 11
– Hans-Jürgen 47259 Eibenweg 16
– Uwe 47269 Eibenweg 20
Jans Elisabeth 47279 Zu den
Eichen 51
– Jörn 47055 Fischer- 6
– Johanna 47167 Otto-Hahn- 4
– Lilli 47166 Loh- 66
– Marek 47166 Duisburger- 85
– Peter 47228 Loh- 42
– Ute 47249 Trausteiner- 6
– Volker 47249 Trausteiner- 6
Jansa Hannelore 47178 Loh- 34a
– Horst 47169 Ziegelhorst- 42
– Horst 47169 Hildegard- 32
– Heinz 47169 Westfälische- 71
– Horst 47169 Westfälische- 71
– Vincenz 47053 Heer- 214
Jansch Helga 47179 Fasanen- 1
– Helga 47166 Kamp- 62
– Joachim 47166 Kamp- 62
– Karl 47166 Kamp- 62
– Karl 47166 Kamp- 59
Jansch-Langner Marianne 47167 Am
Kreyenbergshof 72
Jansen Achim 47055 Grotelkamp 2
– Achim 47053 Hochfeld- 75
– Adelheid 47053 Grunewald- 30
– Adelheid 47058 Otto- 181
– Adolf 47249 Am Windhövel 10
– Albert 47198 Buschhausen- 8
– Andreas 47279 Allensteiner Ring 2
– Andreas 47198 Duisburger- 244
– Andreas 47057 Kolonie- 105
– Angela 47226 Hölderlin- 19
– Angelika
47229 Hohenbudberger- 72
– Angelika 47198 Uettelsheimer
Weg 117
– Anke 47053 Musfeld- 64
– Anke 47137 Bahnhof- 73
– Anke 47057 Fraunhofer- 5
– Anke 47137 Schnürann- 20
– Anna 47198 Duisburger- 440
– Anna 47057 Gneisenau- 66
– Anna 47259 Kaiserswerther- 200
– Anna 47249 Salzburger Platz 1
Gewerbebetriebe/Dienstleister nach Namen – siehe gelber Teil
A-Di
